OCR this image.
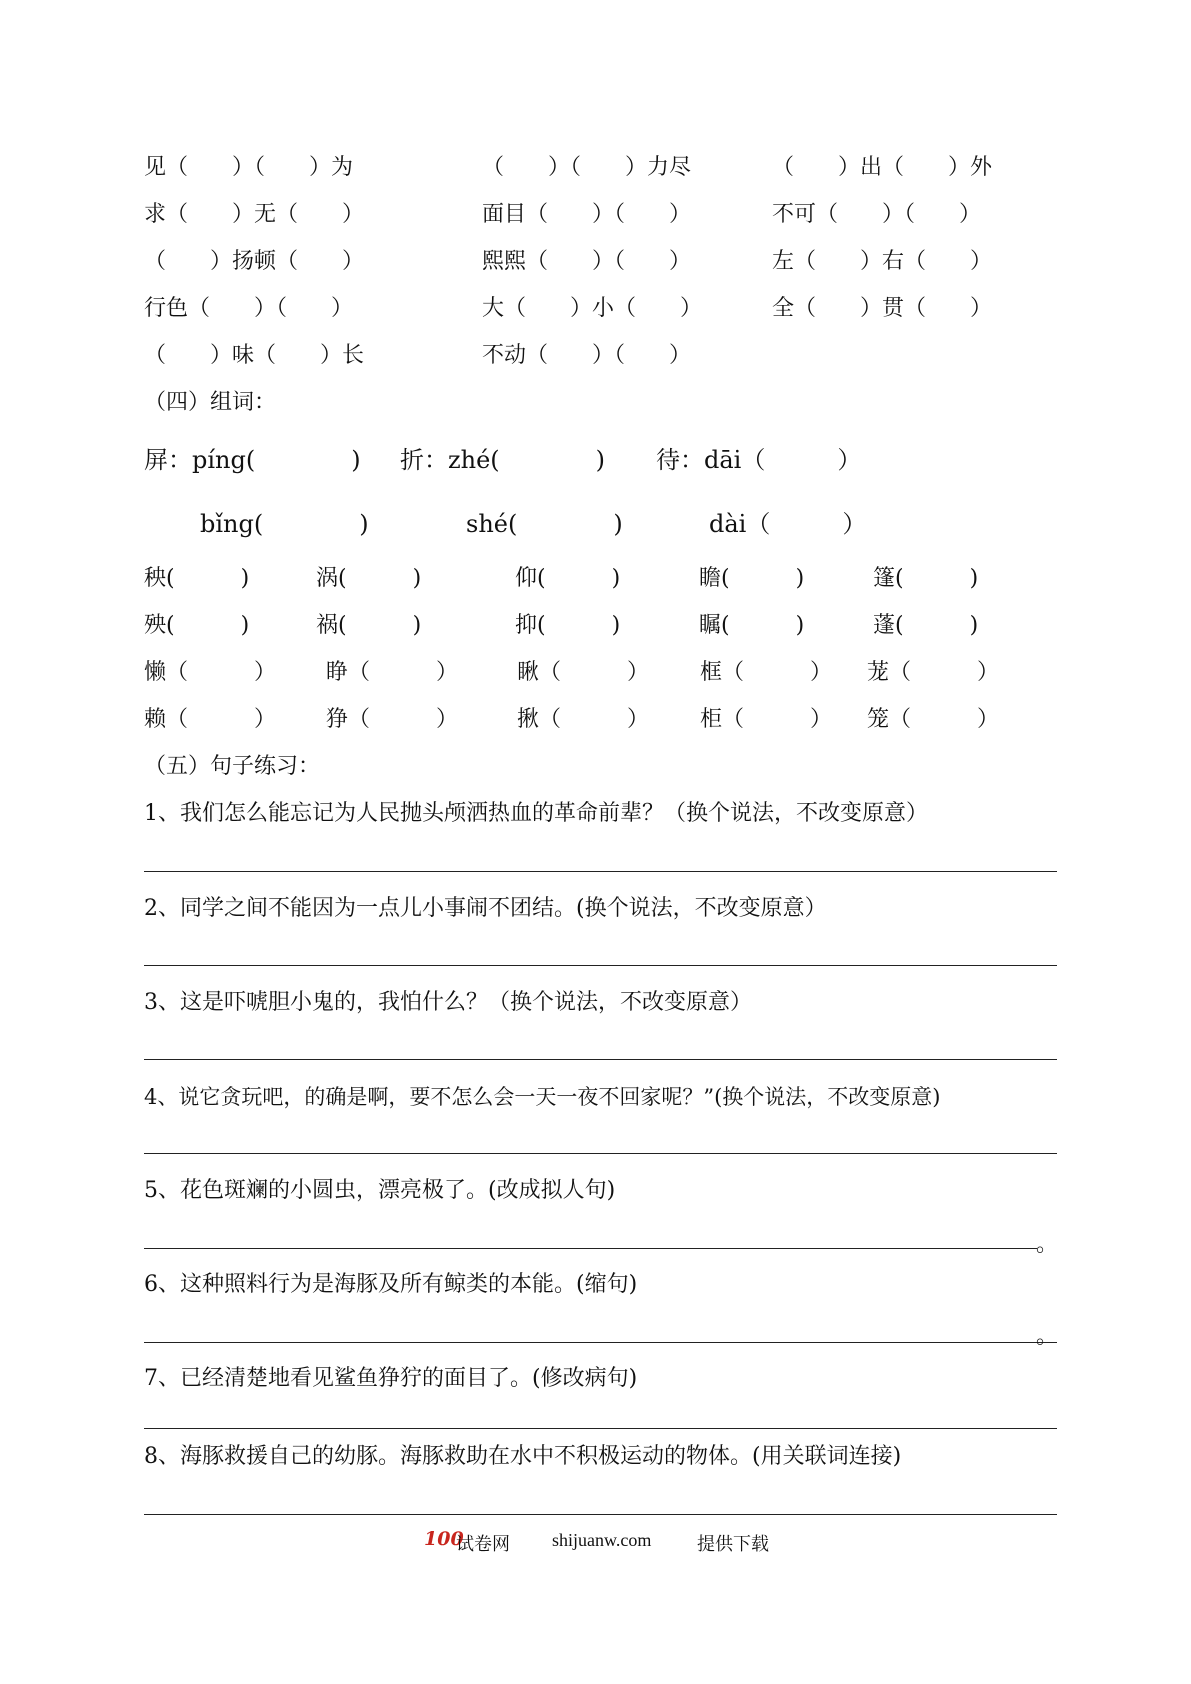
见（　　）（　　）为	（　　）（　　）力尽	（　　）出（　　）外
求（　　）无（　　）	面目（　　）（　　）	不可（　　）（　　）
（　　）扬顿（　　）	熙熙（　　）（　　）	左（　　）右（　　）
行色（　　）（　　）	大（　　）小（　　）	全（　　）贯（　　）
（　　）味（　　）长	不动（　　）（　　）
（四）组词：
屏：píng(　　　　) 折：zhé(　　　　) 待：dāi（　　　）
bǐng(　　　　)	shé(　　　　)	dài（　　　）
秧(　　　)	涡(　　　)	仰(　　　)	瞻(　　　)	篷(　　　)
殃(　　　)	祸(　　　)	抑(　　　)	瞩(　　　)	蓬(　　　)
懒（　　　） 睁（　　　）	瞅（　　　） 框（　　　） 茏（　　　）
赖（　　　） 狰（　　　）	揪（　　　） 柜（　　　） 笼（　　　）
（五）句子练习：
1、我们怎么能忘记为人民抛头颅洒热血的革命前辈？（换个说法，不改变原意）
2、同学之间不能因为一点儿小事闹不团结。(换个说法，不改变原意）
3、这是吓唬胆小鬼的，我怕什么？（换个说法，不改变原意）
4、说它贪玩吧，的确是啊，要不怎么会一天一夜不回家呢？”(换个说法，不改变原意)
5、花色斑斓的小圆虫，漂亮极了。(改成拟人句)
。
6、这种照料行为是海豚及所有鲸类的本能。(缩句)
。
7、已经清楚地看见鲨鱼狰狞的面目了。(修改病句)
8、海豚救援自己的幼豚。海豚救助在水中不积极运动的物体。(用关联词连接)
100
试卷网 shijuanw.com	提供下载
